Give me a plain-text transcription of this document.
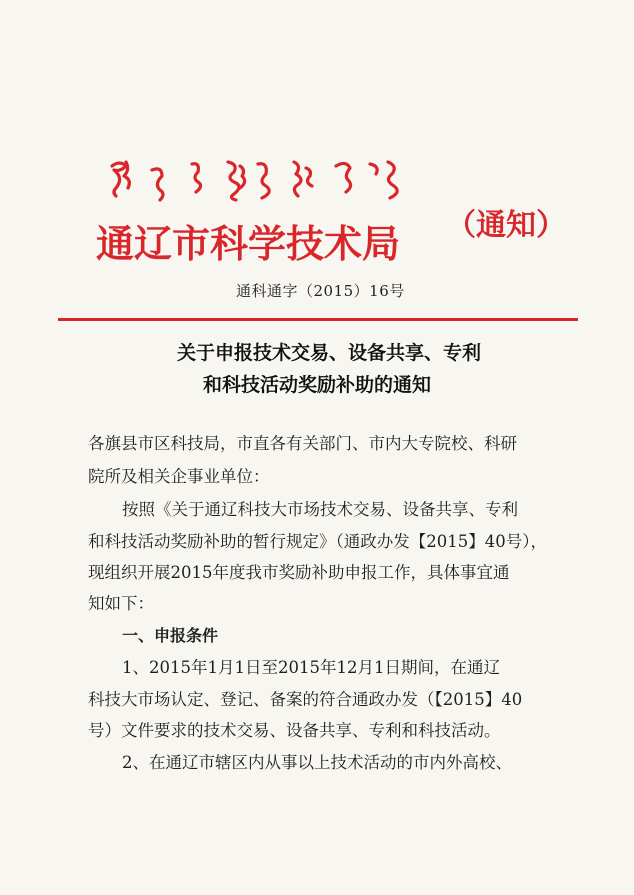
Mongolian script
通辽市科学技术局	（通知）
通科通字（2015）16号
关于申报技术交易、设备共享、专利
和科技活动奖励补助的通知
各旗县市区科技局，市直各有关部门、市内大专院校、科研
院所及相关企事业单位：
按照《关于通辽科技大市场技术交易、设备共享、专利
和科技活动奖励补助的暂行规定》（通政办发【2015】40号），
现组织开展2015年度我市奖励补助申报工作，具体事宜通
知如下：
一、申报条件
1、2015年1月1日至2015年12月1日期间，在通辽
科技大市场认定、登记、备案的符合通政办发（【2015】40
号）文件要求的技术交易、设备共享、专利和科技活动。
2、在通辽市辖区内从事以上技术活动的市内外高校、
